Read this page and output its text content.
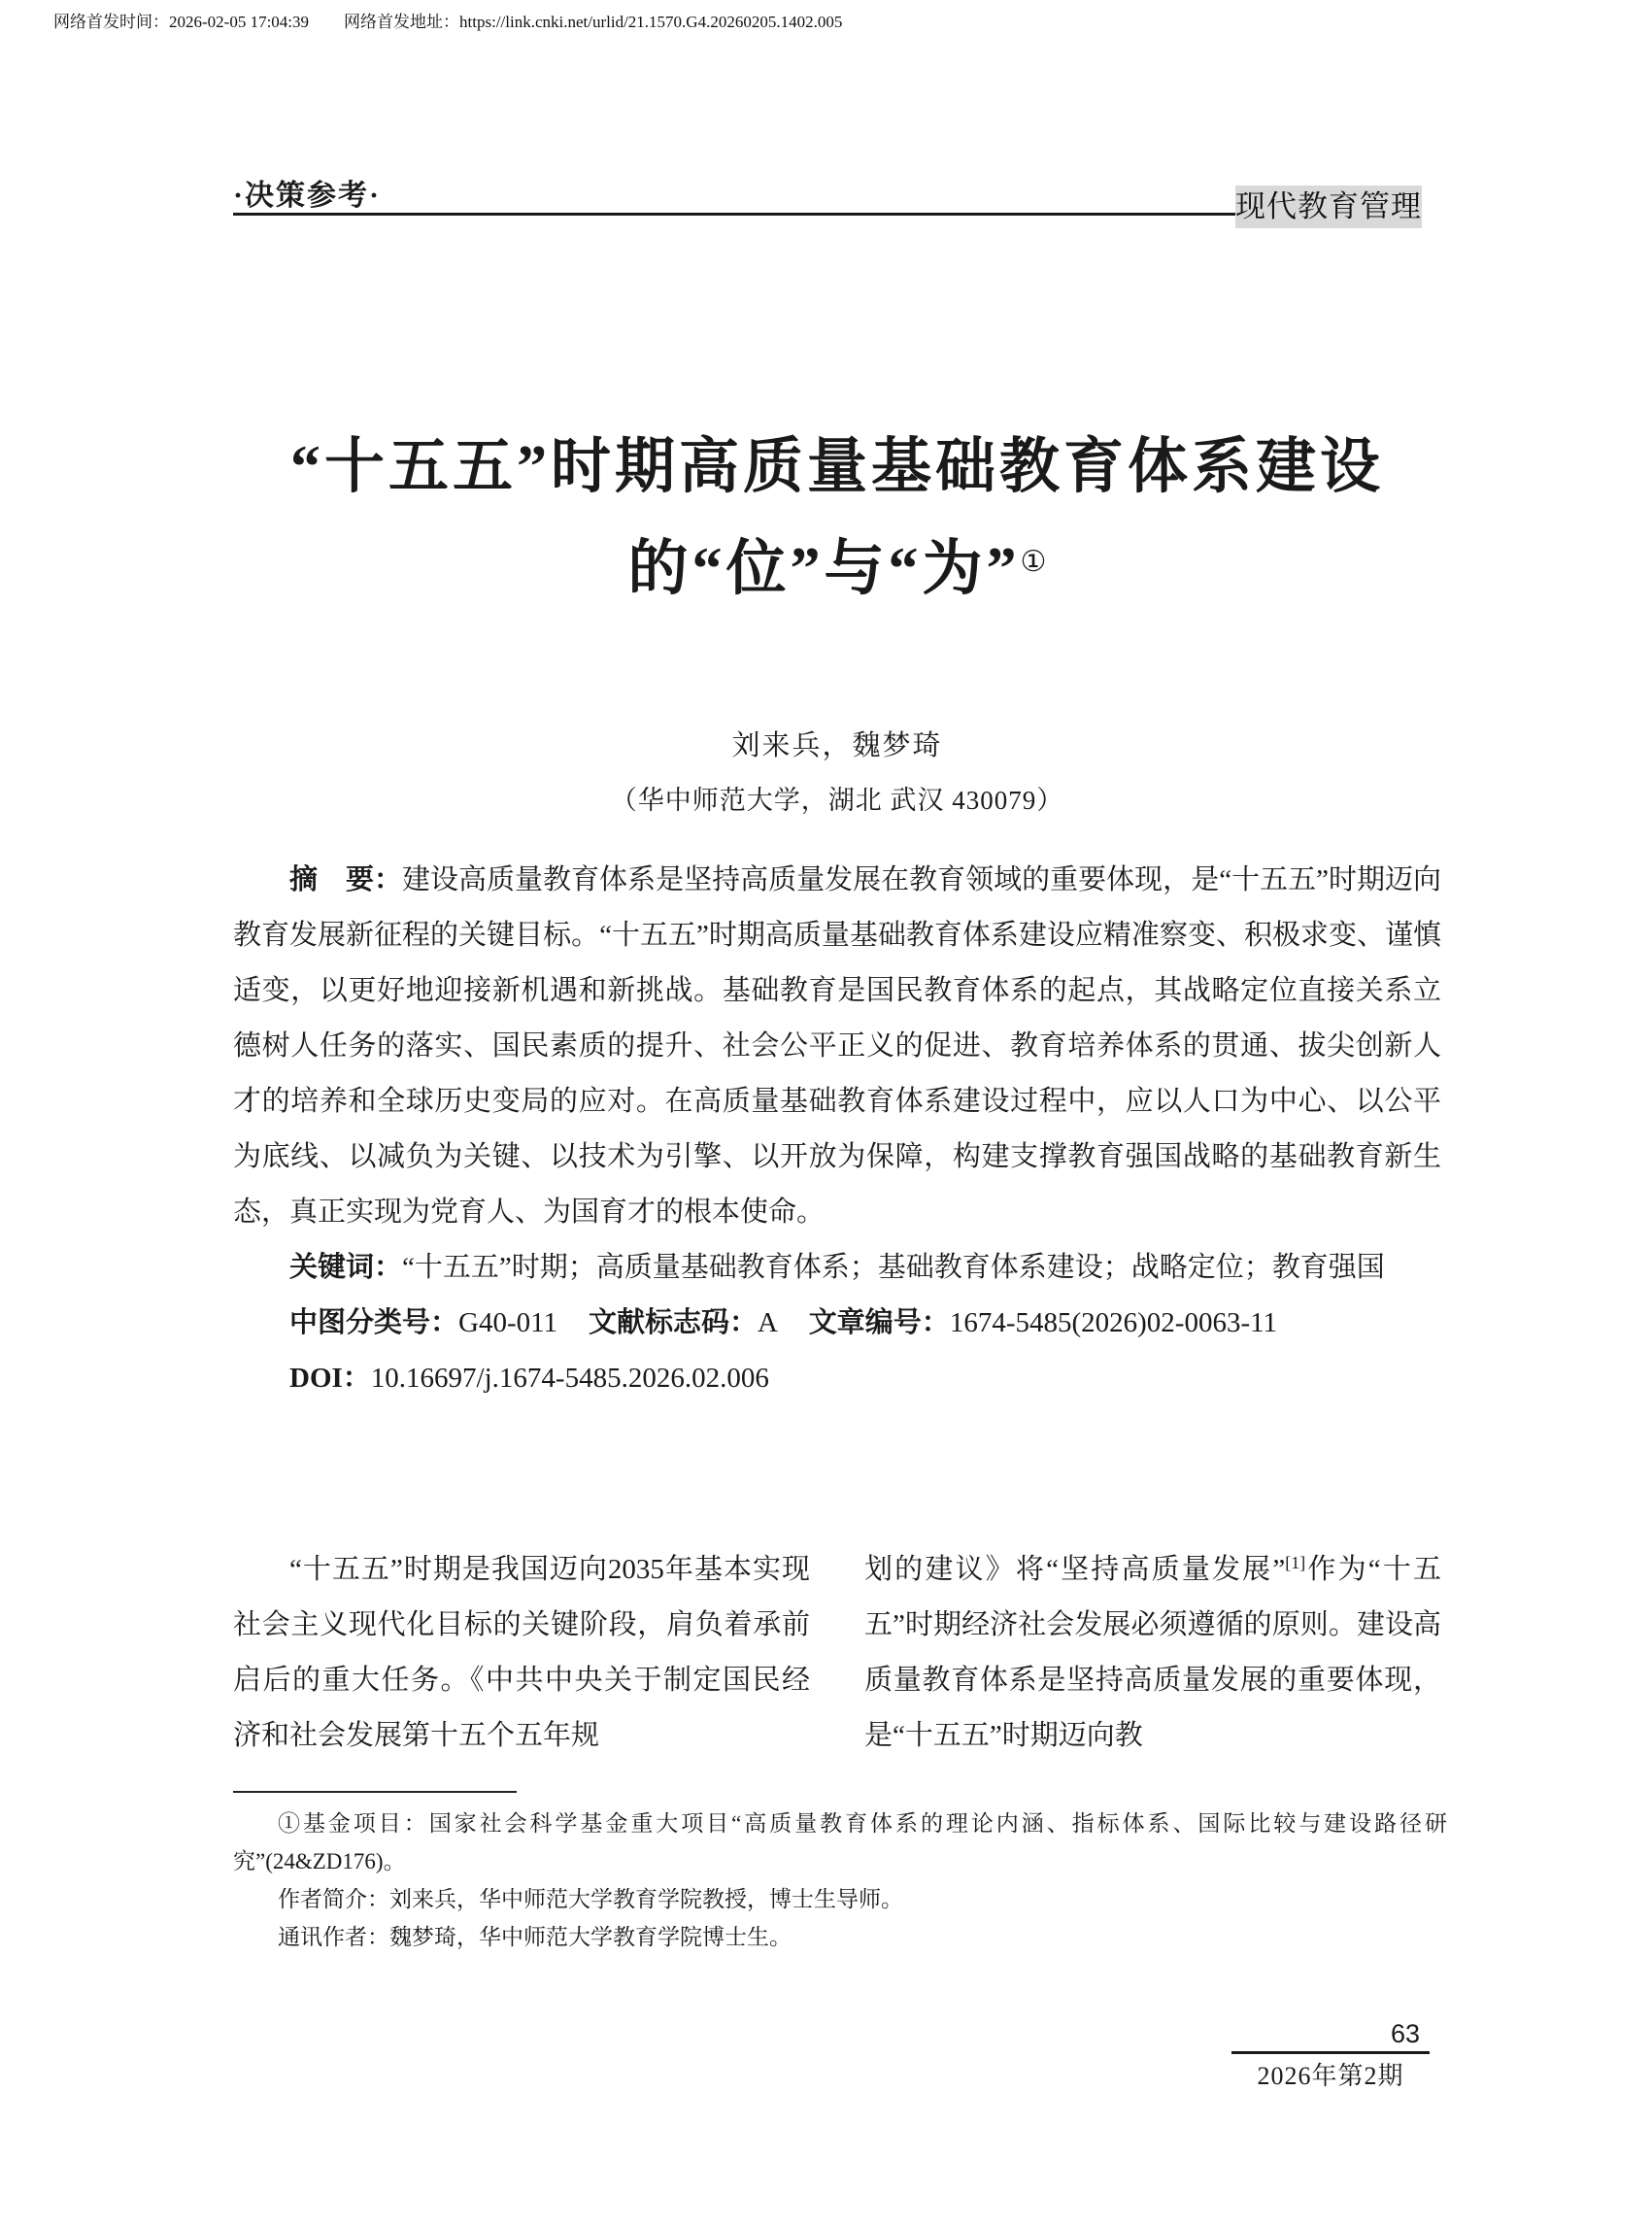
网络首发时间：2026-02-05 17:04:39 网络首发地址：https://link.cnki.net/urlid/21.1570.G4.20260205.1402.005
·决策参考·	现代教育管理
“十五五”时期高质量基础教育体系建设
的“位”与“为”①
刘来兵，魏梦琦
（华中师范大学，湖北 武汉 430079）

摘　要：建设高质量教育体系是坚持高质量发展在教育领域的重要体现，是“十五五”时期迈向教育发展新征程的关键目标。“十五五”时期高质量基础教育体系建设应精准察变、积极求变、谨慎适变，以更好地迎接新机遇和新挑战。基础教育是国民教育体系的起点，其战略定位直接关系立德树人任务的落实、国民素质的提升、社会公平正义的促进、教育培养体系的贯通、拔尖创新人才的培养和全球历史变局的应对。在高质量基础教育体系建设过程中，应以人口为中心、以公平为底线、以减负为关键、以技术为引擎、以开放为保障，构建支撑教育强国战略的基础教育新生态，真正实现为党育人、为国育才的根本使命。

关键词：“十五五”时期；高质量基础教育体系；基础教育体系建设；战略定位；教育强国

中图分类号：G40-011 文献标志码：A 文章编号：1674-5485(2026)02-0063-11

DOI：10.16697/j.1674-5485.2026.02.006

“十五五”时期是我国迈向2035年基本实现社会主义现代化目标的关键阶段，肩负着承前启后的重大任务。《中共中央关于制定国民经济和社会发展第十五个五年规

划的建议》将“坚持高质量发展”[1]作为“十五五”时期经济社会发展必须遵循的原则。建设高质量教育体系是坚持高质量发展的重要体现，是“十五五”时期迈向教

①基金项目：国家社会科学基金重大项目“高质量教育体系的理论内涵、指标体系、国际比较与建设路径研究”(24&ZD176)。

作者简介：刘来兵，华中师范大学教育学院教授，博士生导师。

通讯作者：魏梦琦，华中师范大学教育学院博士生。

63
2026年第2期
